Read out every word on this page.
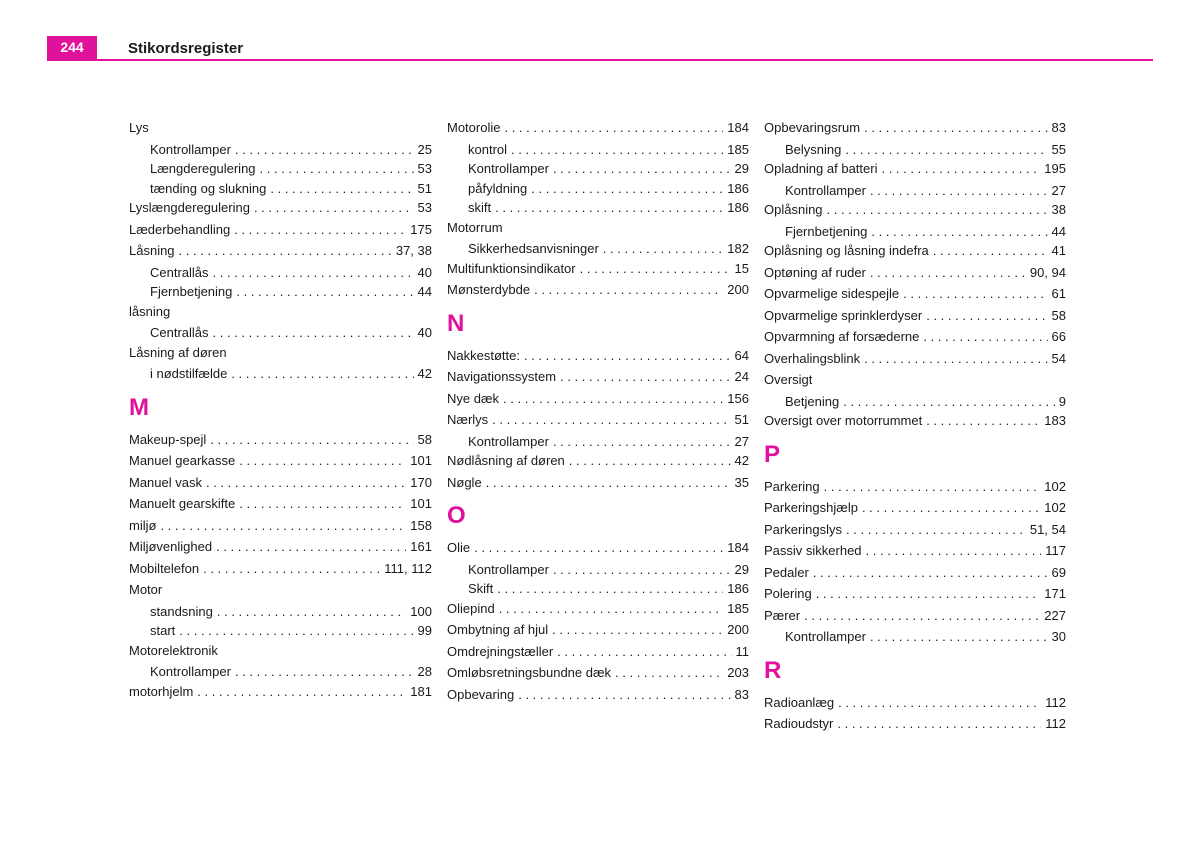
244	Stikordsregister
Lys
Kontrollamper . . .	25
Længderegulering . . .	53
tænding og slukning . . .	51
Lyslængderegulering . . .	53
Læderbehandling . . .	175
Låsning . . .	37, 38
Centrallås . . .	40
Fjernbetjening . . .	44
låsning
Centrallås . . .	40
Låsning af døren
i nødstilfælde . . .	42
M
Makeup-spejl . . .	58
Manuel gearkasse . . .	101
Manuel vask . . .	170
Manuelt gearskifte . . .	101
miljø . . .	158
Miljøvenlighed . . .	161
Mobiltelefon . . .	111, 112
Motor
standsning . . .	100
start . . .	99
Motorelektronik
Kontrollamper . . .	28
motorhjelm . . .	181
Motorolie . . .	184
kontrol . . .	185
Kontrollamper . . .	29
påfyldning . . .	186
skift . . .	186
Motorrum
Sikkerhedsanvisninger . . .	182
Multifunktionsindikator . . .	15
Mønsterdybde . . .	200
N
Nakkestøtte: . . .	64
Navigationssystem . . .	24
Nye dæk . . .	156
Nærlys . . .	51
Kontrollamper . . .	27
Nødlåsning af døren . . .	42
Nøgle . . .	35
O
Olie . . .	184
Kontrollamper . . .	29
Skift . . .	186
Oliepind . . .	185
Ombytning af hjul . . .	200
Omdrejningstæller . . .	11
Omløbsretningsbundne dæk . . .	203
Opbevaring . . .	83
Opbevaringsrum . . .	83
Belysning . . .	55
Opladning af batteri . . .	195
Kontrollamper . . .	27
Oplåsning . . .	38
Fjernbetjening . . .	44
Oplåsning og låsning indefra . . .	41
Optøning af ruder . . .	90, 94
Opvarmelige sidespejle . . .	61
Opvarmelige sprinklerdyser . . .	58
Opvarmning af forsæderne . . .	66
Overhalingsblink . . .	54
Oversigt
Betjening . . .	9
Oversigt over motorrummet . . .	183
P
Parkering . . .	102
Parkeringshjælp . . .	102
Parkeringslys . . .	51, 54
Passiv sikkerhed . . .	117
Pedaler . . .	69
Polering . . .	171
Pærer . . .	227
Kontrollamper . . .	30
R
Radioanlæg . . .	112
Radioudstyr . . .	112
